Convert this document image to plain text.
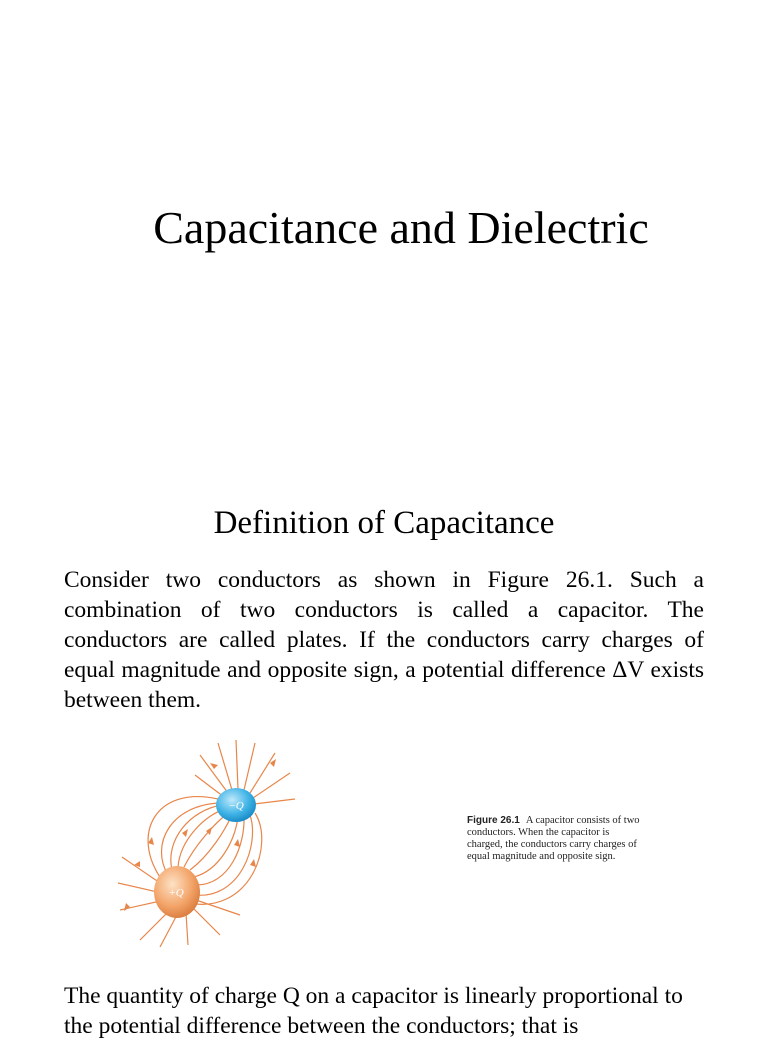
Capacitance and Dielectric
Definition of Capacitance

Consider two conductors as shown in Figure 26.1. Such a combination of two conductors is called a capacitor. The conductors are called plates. If the conductors carry charges of equal magnitude and opposite sign, a potential difference ΔV exists between them.

−Q
+Q
Figure 26.1 A capacitor consists of two conductors. When the capacitor is charged, the conductors carry charges of equal magnitude and opposite sign.

The quantity of charge Q on a capacitor is linearly proportional to the potential difference between the conductors; that is
